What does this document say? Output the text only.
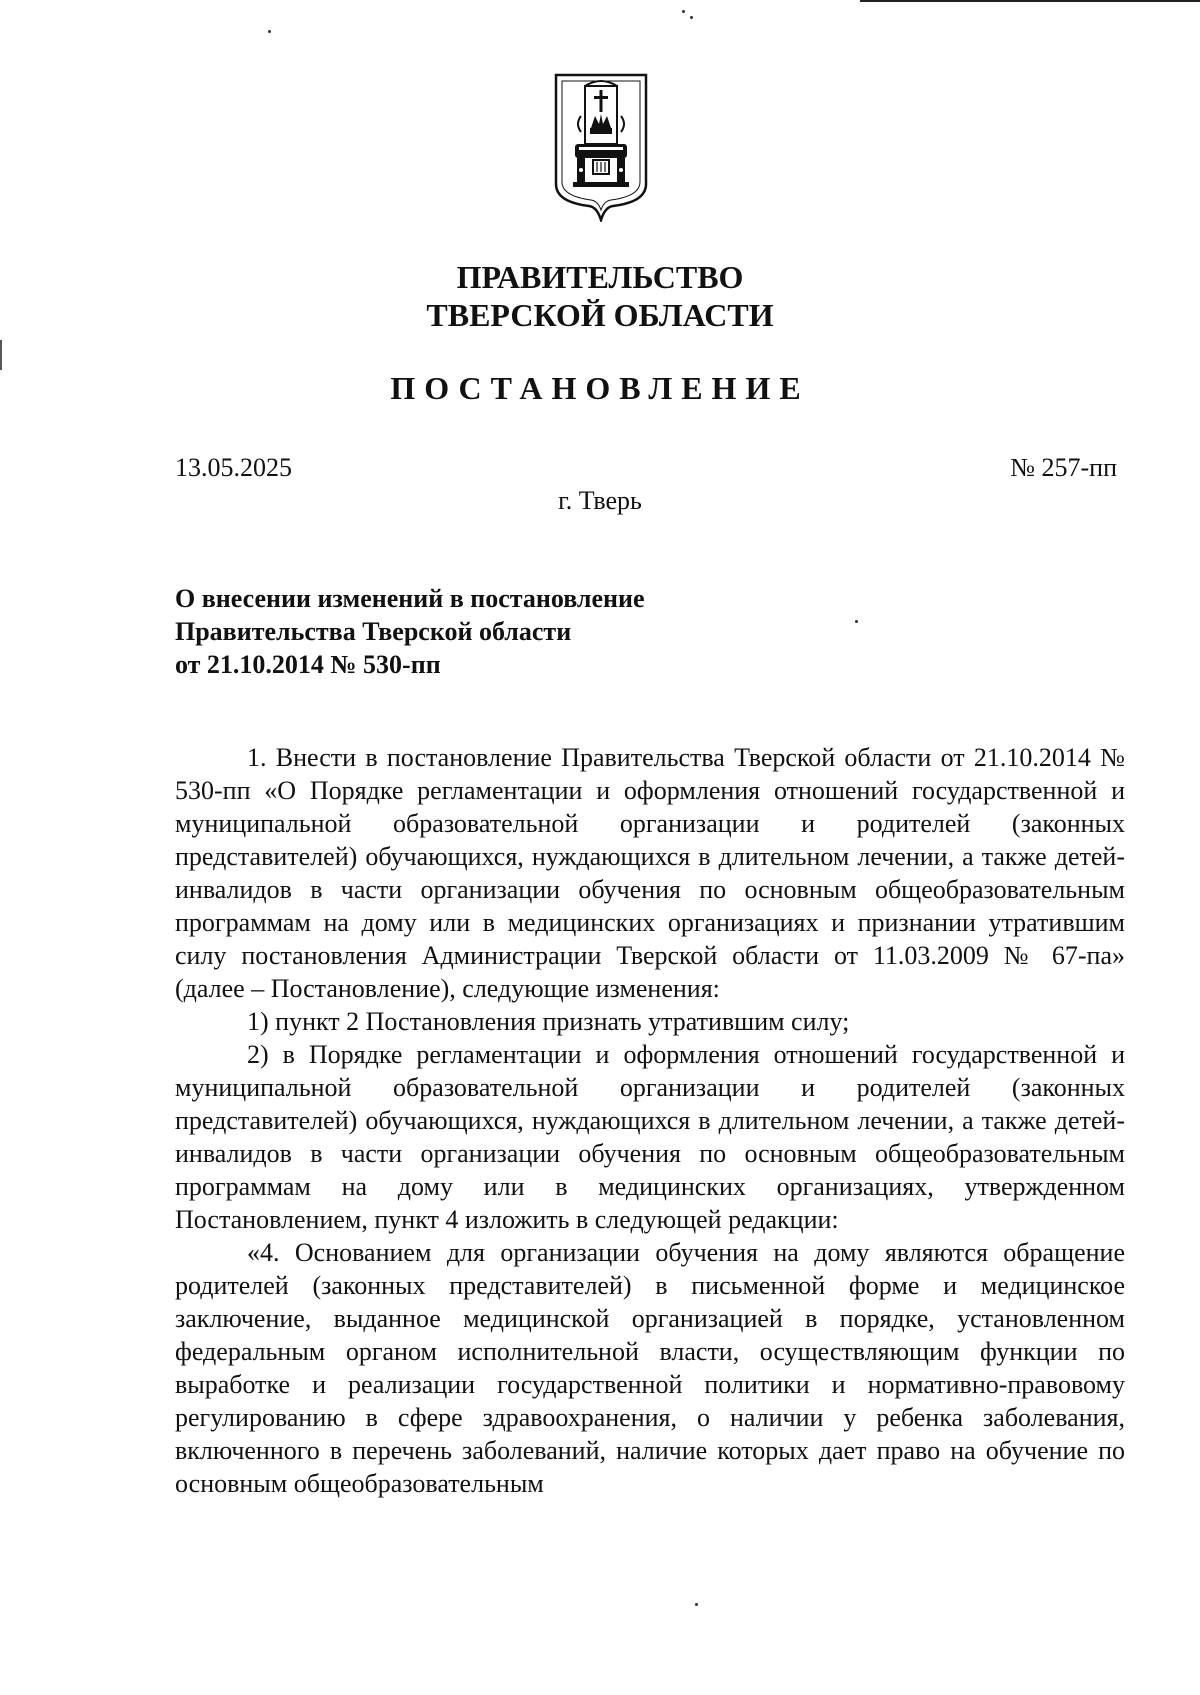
ПРАВИТЕЛЬСТВО
ТВЕРСКОЙ ОБЛАСТИ
ПОСТАНОВЛЕНИЕ
13.05.2025	№ 257-пп
г. Тверь
О внесении изменений в постановление
Правительства Тверской области
от 21.10.2014 № 530-пп

1. Внести в постановление Правительства Тверской области от 21.10.2014 № 530-пп «О Порядке регламентации и оформления отношений государственной и муниципальной образовательной организации и родителей (законных представителей) обучающихся, нуждающихся в длительном лечении, а также детей-инвалидов в части организации обучения по основным общеобразовательным программам на дому или в медицинских организациях и признании утратившим силу постановления Администрации Тверской области от 11.03.2009 № 67-па» (далее – Постановление), следующие изменения:

1) пункт 2 Постановления признать утратившим силу;

2) в Порядке регламентации и оформления отношений государственной и муниципальной образовательной организации и родителей (законных представителей) обучающихся, нуждающихся в длительном лечении, а также детей-инвалидов в части организации обучения по основным общеобразовательным программам на дому или в медицинских организациях, утвержденном Постановлением, пункт 4 изложить в следующей редакции:

«4. Основанием для организации обучения на дому являются обращение родителей (законных представителей) в письменной форме и медицинское заключение, выданное медицинской организацией в порядке, установленном федеральным органом исполнительной власти, осуществляющим функции по выработке и реализации государственной политики и нормативно-правовому регулированию в сфере здравоохранения, о наличии у ребенка заболевания, включенного в перечень заболеваний, наличие которых дает право на обучение по основным общеобразовательным
